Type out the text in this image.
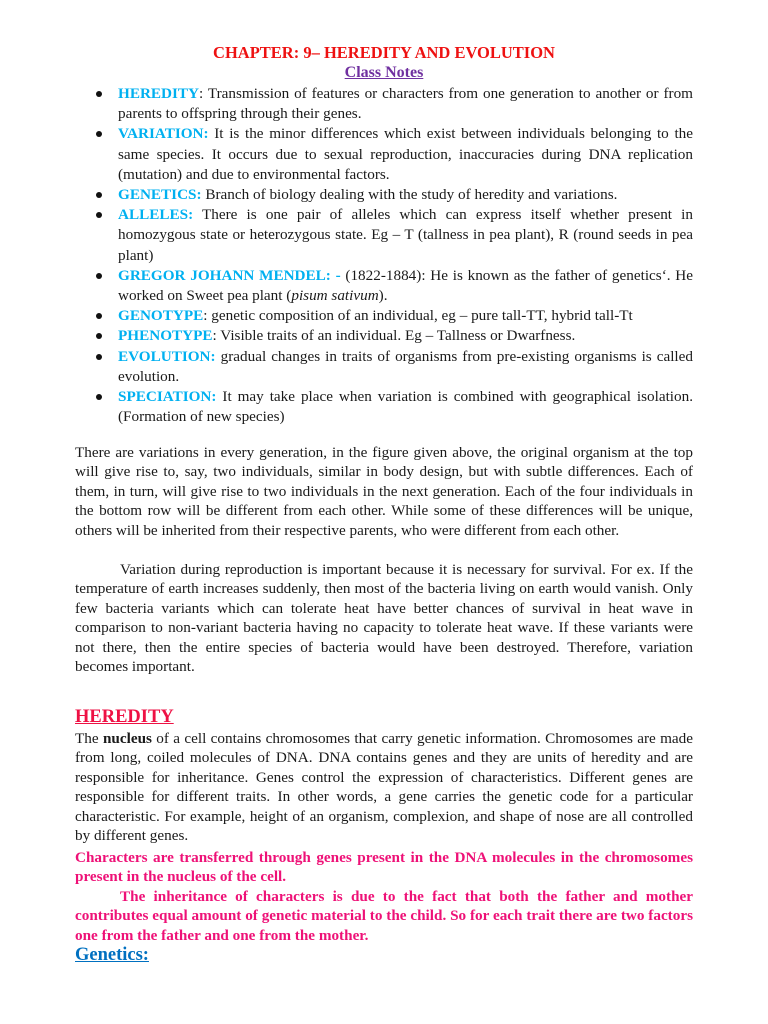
CHAPTER: 9– HEREDITY AND EVOLUTION
Class Notes
HEREDITY: Transmission of features or characters from one generation to another or from parents to offspring through their genes.
VARIATION: It is the minor differences which exist between individuals belonging to the same species. It occurs due to sexual reproduction, inaccuracies during DNA replication (mutation) and due to environmental factors.
GENETICS: Branch of biology dealing with the study of heredity and variations.
ALLELES: There is one pair of alleles which can express itself whether present in homozygous state or heterozygous state. Eg – T (tallness in pea plant), R (round seeds in pea plant)
GREGOR JOHANN MENDEL: - (1822-1884): He is known as the father of genetics‘. He worked on Sweet pea plant (pisum sativum).
GENOTYPE: genetic composition of an individual, eg – pure tall-TT, hybrid tall-Tt
PHENOTYPE: Visible traits of an individual. Eg – Tallness or Dwarfness.
EVOLUTION: gradual changes in traits of organisms from pre-existing organisms is called evolution.
SPECIATION: It may take place when variation is combined with geographical isolation. (Formation of new species)

There are variations in every generation, in the figure given above, the original organism at the top will give rise to, say, two individuals, similar in body design, but with subtle differences. Each of them, in turn, will give rise to two individuals in the next generation. Each of the four individuals in the bottom row will be different from each other. While some of these differences will be unique, others will be inherited from their respective parents, who were different from each other.

Variation during reproduction is important because it is necessary for survival. For ex. If the temperature of earth increases suddenly, then most of the bacteria living on earth would vanish. Only few bacteria variants which can tolerate heat have better chances of survival in heat wave in comparison to non-variant bacteria having no capacity to tolerate heat wave. If these variants were not there, then the entire species of bacteria would have been destroyed. Therefore, variation becomes important.

HEREDITY

The nucleus of a cell contains chromosomes that carry genetic information. Chromosomes are made from long, coiled molecules of DNA. DNA contains genes and they are units of heredity and are responsible for inheritance. Genes control the expression of characteristics. Different genes are responsible for different traits. In other words, a gene carries the genetic code for a particular characteristic. For example, height of an organism, complexion, and shape of nose are all controlled by different genes.

Characters are transferred through genes present in the DNA molecules in the chromosomes present in the nucleus of the cell.

The inheritance of characters is due to the fact that both the father and mother contributes equal amount of genetic material to the child. So for each trait there are two factors one from the father and one from the mother.

Genetics:
